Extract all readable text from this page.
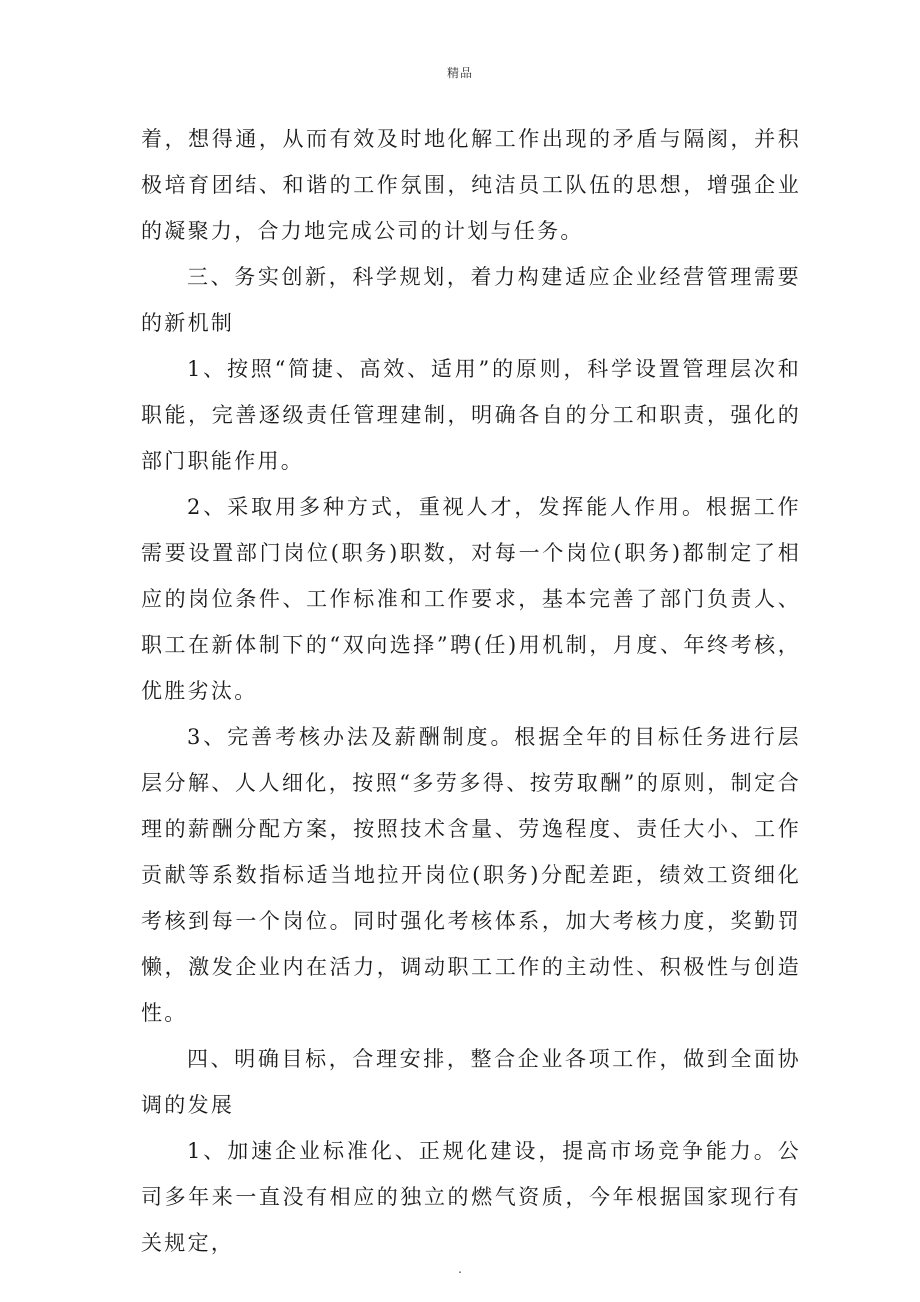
精品

着，想得通，从而有效及时地化解工作出现的矛盾与隔阂，并积极培育团结、和谐的工作氛围，纯洁员工队伍的思想，增强企业的凝聚力，合力地完成公司的计划与任务。

三、务实创新，科学规划，着力构建适应企业经营管理需要的新机制

1、按照“简捷、高效、适用”的原则，科学设置管理层次和职能，完善逐级责任管理建制，明确各自的分工和职责，强化的部门职能作用。

2、采取用多种方式，重视人才，发挥能人作用。根据工作需要设置部门岗位(职务)职数，对每一个岗位(职务)都制定了相应的岗位条件、工作标准和工作要求，基本完善了部门负责人、职工在新体制下的“双向选择”聘(任)用机制，月度、年终考核，优胜劣汰。

3、完善考核办法及薪酬制度。根据全年的目标任务进行层层分解、人人细化，按照“多劳多得、按劳取酬”的原则，制定合理的薪酬分配方案，按照技术含量、劳逸程度、责任大小、工作贡献等系数指标适当地拉开岗位(职务)分配差距，绩效工资细化考核到每一个岗位。同时强化考核体系，加大考核力度，奖勤罚懒，激发企业内在活力，调动职工工作的主动性、积极性与创造性。

四、明确目标，合理安排，整合企业各项工作，做到全面协调的发展

1、加速企业标准化、正规化建设，提高市场竞争能力。公司多年来一直没有相应的独立的燃气资质，今年根据国家现行有关规定，

.
